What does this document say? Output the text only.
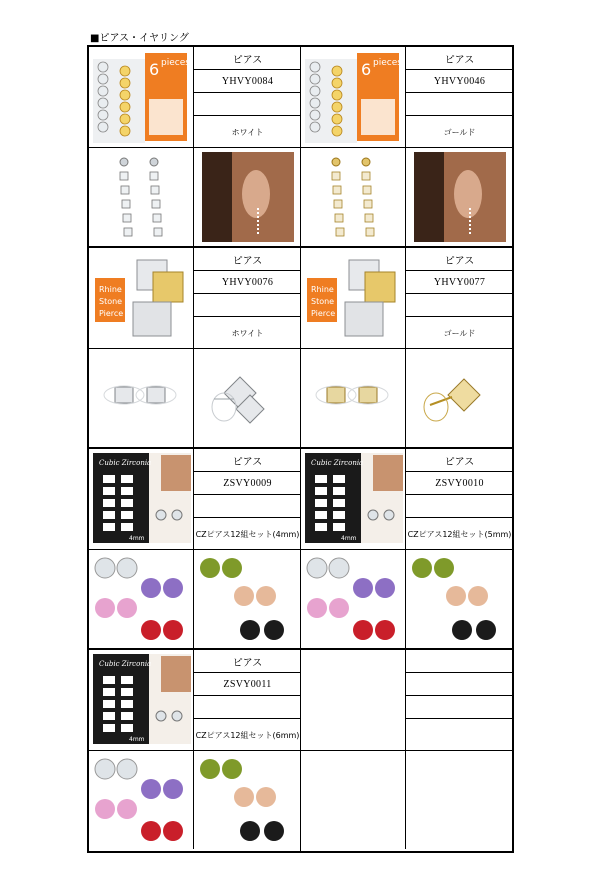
■ピアス・イヤリング
6 pieces	ピアス
YHVY0084
ホワイト
6 pieces	ピアス
YHVY0046
ゴールド
Rhine
Stone
Pierce
ピアス
YHVY0076
ホワイト
Rhine
Stone
Pierce
ピアス
YHVY0077
ゴールド
Cubic Zirconia
4mm
ピアス
ZSVY0009
CZピアス12組セット(4mm)
Cubic Zirconia
4mm
ピアス
ZSVY0010
CZピアス12組セット(5mm)
Cubic Zirconia
4mm
ピアス
ZSVY0011
CZピアス12組セット(6mm)
